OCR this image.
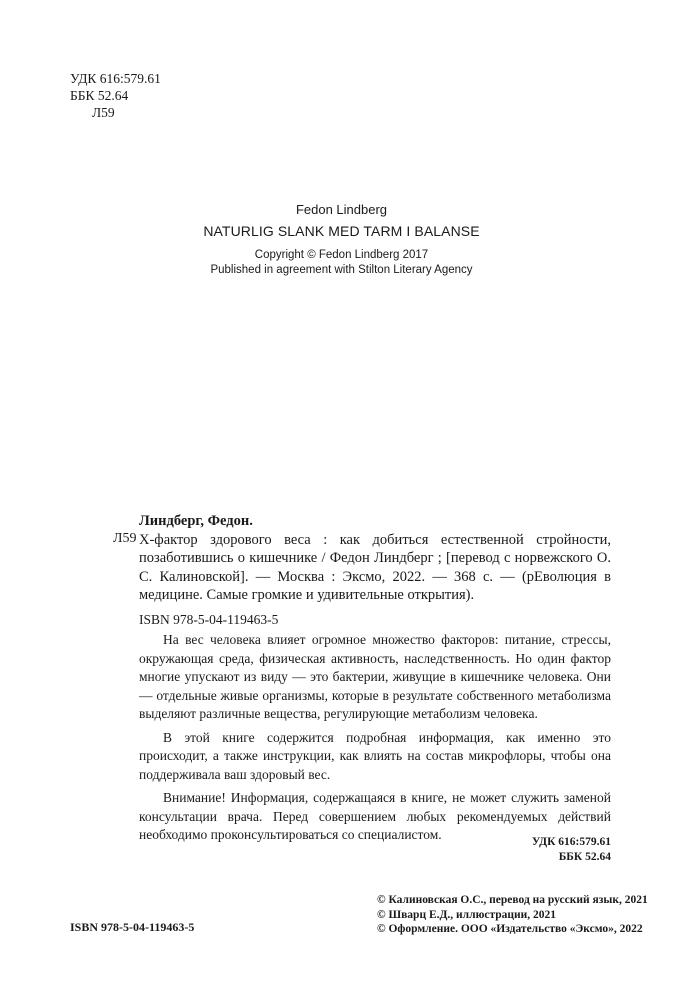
УДК 616:579.61
ББК 52.64
Л59
Fedon Lindberg
NATURLIG SLANK MED TARM I BALANSE
Copyright © Fedon Lindberg 2017
Published in agreement with Stilton Literary Agency
Л59
Линдберг, Федон.
Х-фактор здорового веса : как добиться естественной стройности, позаботившись о кишечнике / Федон Линдберг ; [перевод с норвежского О. С. Калиновской]. — Москва : Эксмо, 2022. — 368 с. — (рЕволюция в медицине. Самые громкие и удивительные открытия).
ISBN 978-5-04-119463-5

На вес человека влияет огромное множество факторов: питание, стрессы, окружающая среда, физическая активность, наследственность. Но один фактор многие упускают из виду — это бактерии, живущие в кишечнике человека. Они — отдельные живые организмы, которые в результате собственного метаболизма выделяют различные вещества, регулирующие метаболизм человека.

В этой книге содержится подробная информация, как именно это происходит, а также инструкции, как влиять на состав микрофлоры, чтобы она поддерживала ваш здоровый вес.

Внимание! Информация, содержащаяся в книге, не может служить заменой консультации врача. Перед совершением любых рекомендуемых действий необходимо проконсультироваться со специалистом.	УДК 616:579.61
ББК 52.64
ISBN 978-5-04-119463-5
© Калиновская О.С., перевод на русский язык, 2021
© Шварц Е.Д., иллюстрации, 2021
© Оформление. ООО «Издательство «Эксмо», 2022
